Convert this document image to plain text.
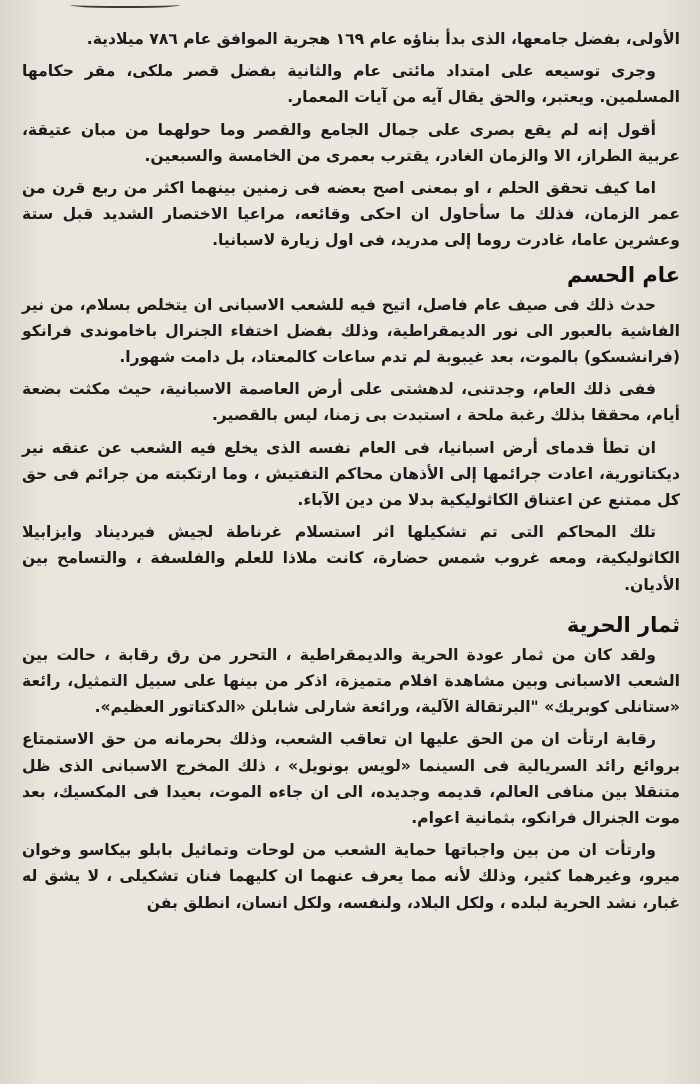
الأولى، بفضل جامعها، الذى بدأ بناؤه عام ١٦٩ هجرية الموافق عام ٧٨٦ ميلادية.

وجرى توسيعه على امتداد مائتى عام والثانية بفضل قصر ملكى، مقر حكامها المسلمين. ويعتبر، والحق يقال آيه من آيات المعمار.

أقول إنه لم يقع بصرى على جمال الجامع والقصر وما حولهما من مبان عتيقة، عربية الطراز، الا والزمان الغادر، يقترب بعمرى من الخامسة والسبعين.

اما كيف تحقق الحلم ، او بمعنى اصح بعضه فى زمنين بينهما اكثر من ربع قرن من عمر الزمان، فذلك ما سأحاول ان احكى وقائعه، مراعيا الاختصار الشديد قبل ستة وعشرين عاما، غادرت روما إلى مدريد، فى اول زيارة لاسبانيا.

عام الحسم

حدث ذلك فى صيف عام فاصل، اتيح فيه للشعب الاسبانى ان يتخلص بسلام، من نير الفاشية بالعبور الى نور الديمقراطية، وذلك بفضل اختفاء الجنرال باخاموندى فرانكو (فرانشسكو) بالموت، بعد غيبوبة لم تدم ساعات كالمعتاد، بل دامت شهورا.

ففى ذلك العام، وجدتنى، لدهشتى على أرض العاصمة الاسبانية، حيث مكثت بضعة أيام، محققا بذلك رغبة ملحة ، استبدت بى زمنا، ليس بالقصير.

ان تطأ قدماى أرض اسبانيا، فى العام نفسه الذى يخلع فيه الشعب عن عنقه نير ديكتاتورية، اعادت جرائمها إلى الأذهان محاكم التفتيش ، وما ارتكبته من جرائم فى حق كل ممتنع عن اعتناق الكاثوليكية بدلا من دين الآباء.

تلك المحاكم التى تم تشكيلها اثر استسلام غرناطة لجيش فيرديناد وايزابيلا الكاثوليكية، ومعه غروب شمس حضارة، كانت ملاذا للعلم والفلسفة ، والتسامح بين الأديان.

ثمار الحرية

ولقد كان من ثمار عودة الحرية والديمقراطية ، التحرر من رق رقابة ، حالت بين الشعب الاسبانى وبين مشاهدة افلام متميزة، اذكر من بينها على سبيل التمثيل، رائعة «ستانلى كوبريك» "البرتقالة الآلية، ورائعة شارلى شابلن «الدكتاتور العظيم».

رقابة ارتأت ان من الحق عليها ان تعاقب الشعب، وذلك بحرمانه من حق الاستمتاع بروائع رائد السريالية فى السينما «لويس بونويل» ، ذلك المخرج الاسبانى الذى ظل متنقلا بين منافى العالم، قديمه وجديده، الى ان جاءه الموت، بعيدا فى المكسيك، بعد موت الجنرال فرانكو، بثمانية اعوام.

وارتأت ان من بين واجباتها حماية الشعب من لوحات وتماثيل بابلو بيكاسو وخوان ميرو، وغيرهما كثير، وذلك لأنه مما يعرف عنهما ان كليهما فنان تشكيلى ، لا يشق له غبار، نشد الحرية لبلده ، ولكل البلاد، ولنفسه، ولكل انسان، انطلق بفن
